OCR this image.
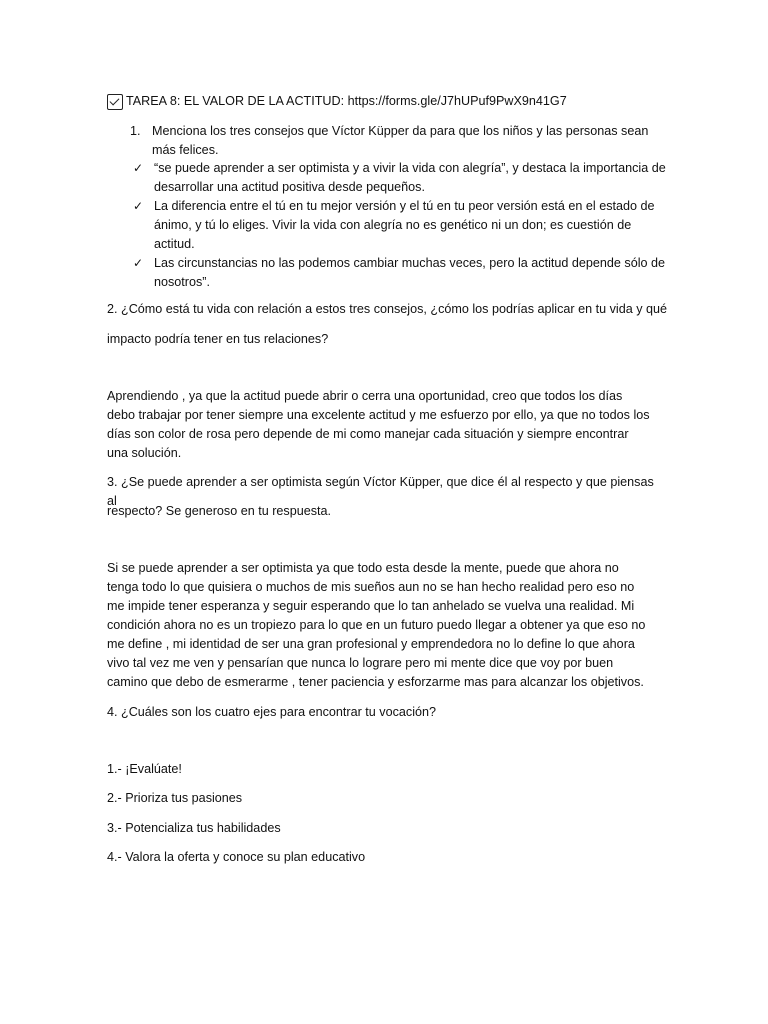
TAREA 8: EL VALOR DE LA ACTITUD: https://forms.gle/J7hUPuf9PwX9n41G7
1. Menciona los tres consejos que Víctor Küpper da para que los niños y las personas sean más felices.
✓ “se puede aprender a ser optimista y a vivir la vida con alegría”, y destaca la importancia de desarrollar una actitud positiva desde pequeños.
✓ La diferencia entre el tú en tu mejor versión y el tú en tu peor versión está en el estado de ánimo, y tú lo eliges. Vivir la vida con alegría no es genético ni un don; es cuestión de actitud.
✓ Las circunstancias no las podemos cambiar muchas veces, pero la actitud depende sólo de nosotros”.

2. ¿Cómo está tu vida con relación a estos tres consejos, ¿cómo los podrías aplicar en tu vida y qué

impacto podría tener en tus relaciones?

Aprendiendo , ya que la actitud puede abrir o cerra una oportunidad, creo que todos los días debo trabajar por tener siempre una excelente actitud y me esfuerzo por ello, ya que no todos los días son color de rosa pero depende de mi como manejar cada situación y siempre encontrar una solución.

3. ¿Se puede aprender a ser optimista según Víctor Küpper, que dice él al respecto y que piensas al

respecto? Se generoso en tu respuesta.

Si se puede aprender a ser optimista ya que todo esta desde la mente, puede que ahora no tenga todo lo que quisiera o muchos de mis sueños aun no se han hecho realidad pero eso no me impide tener esperanza y seguir esperando que lo tan anhelado se vuelva una realidad. Mi condición ahora no es un tropiezo para lo que en un futuro puedo llegar a obtener ya que eso no me define , mi identidad de ser una gran profesional y emprendedora no lo define lo que ahora vivo tal vez me ven y pensarían que nunca lo lograre pero mi mente dice que voy por buen camino que debo de esmerarme , tener paciencia y esforzarme mas para alcanzar los objetivos.

4. ¿Cuáles son los cuatro ejes para encontrar tu vocación?

1.- ¡Evalúate!

2.- Prioriza tus pasiones

3.- Potencializa tus habilidades

4.- Valora la oferta y conoce su plan educativo
